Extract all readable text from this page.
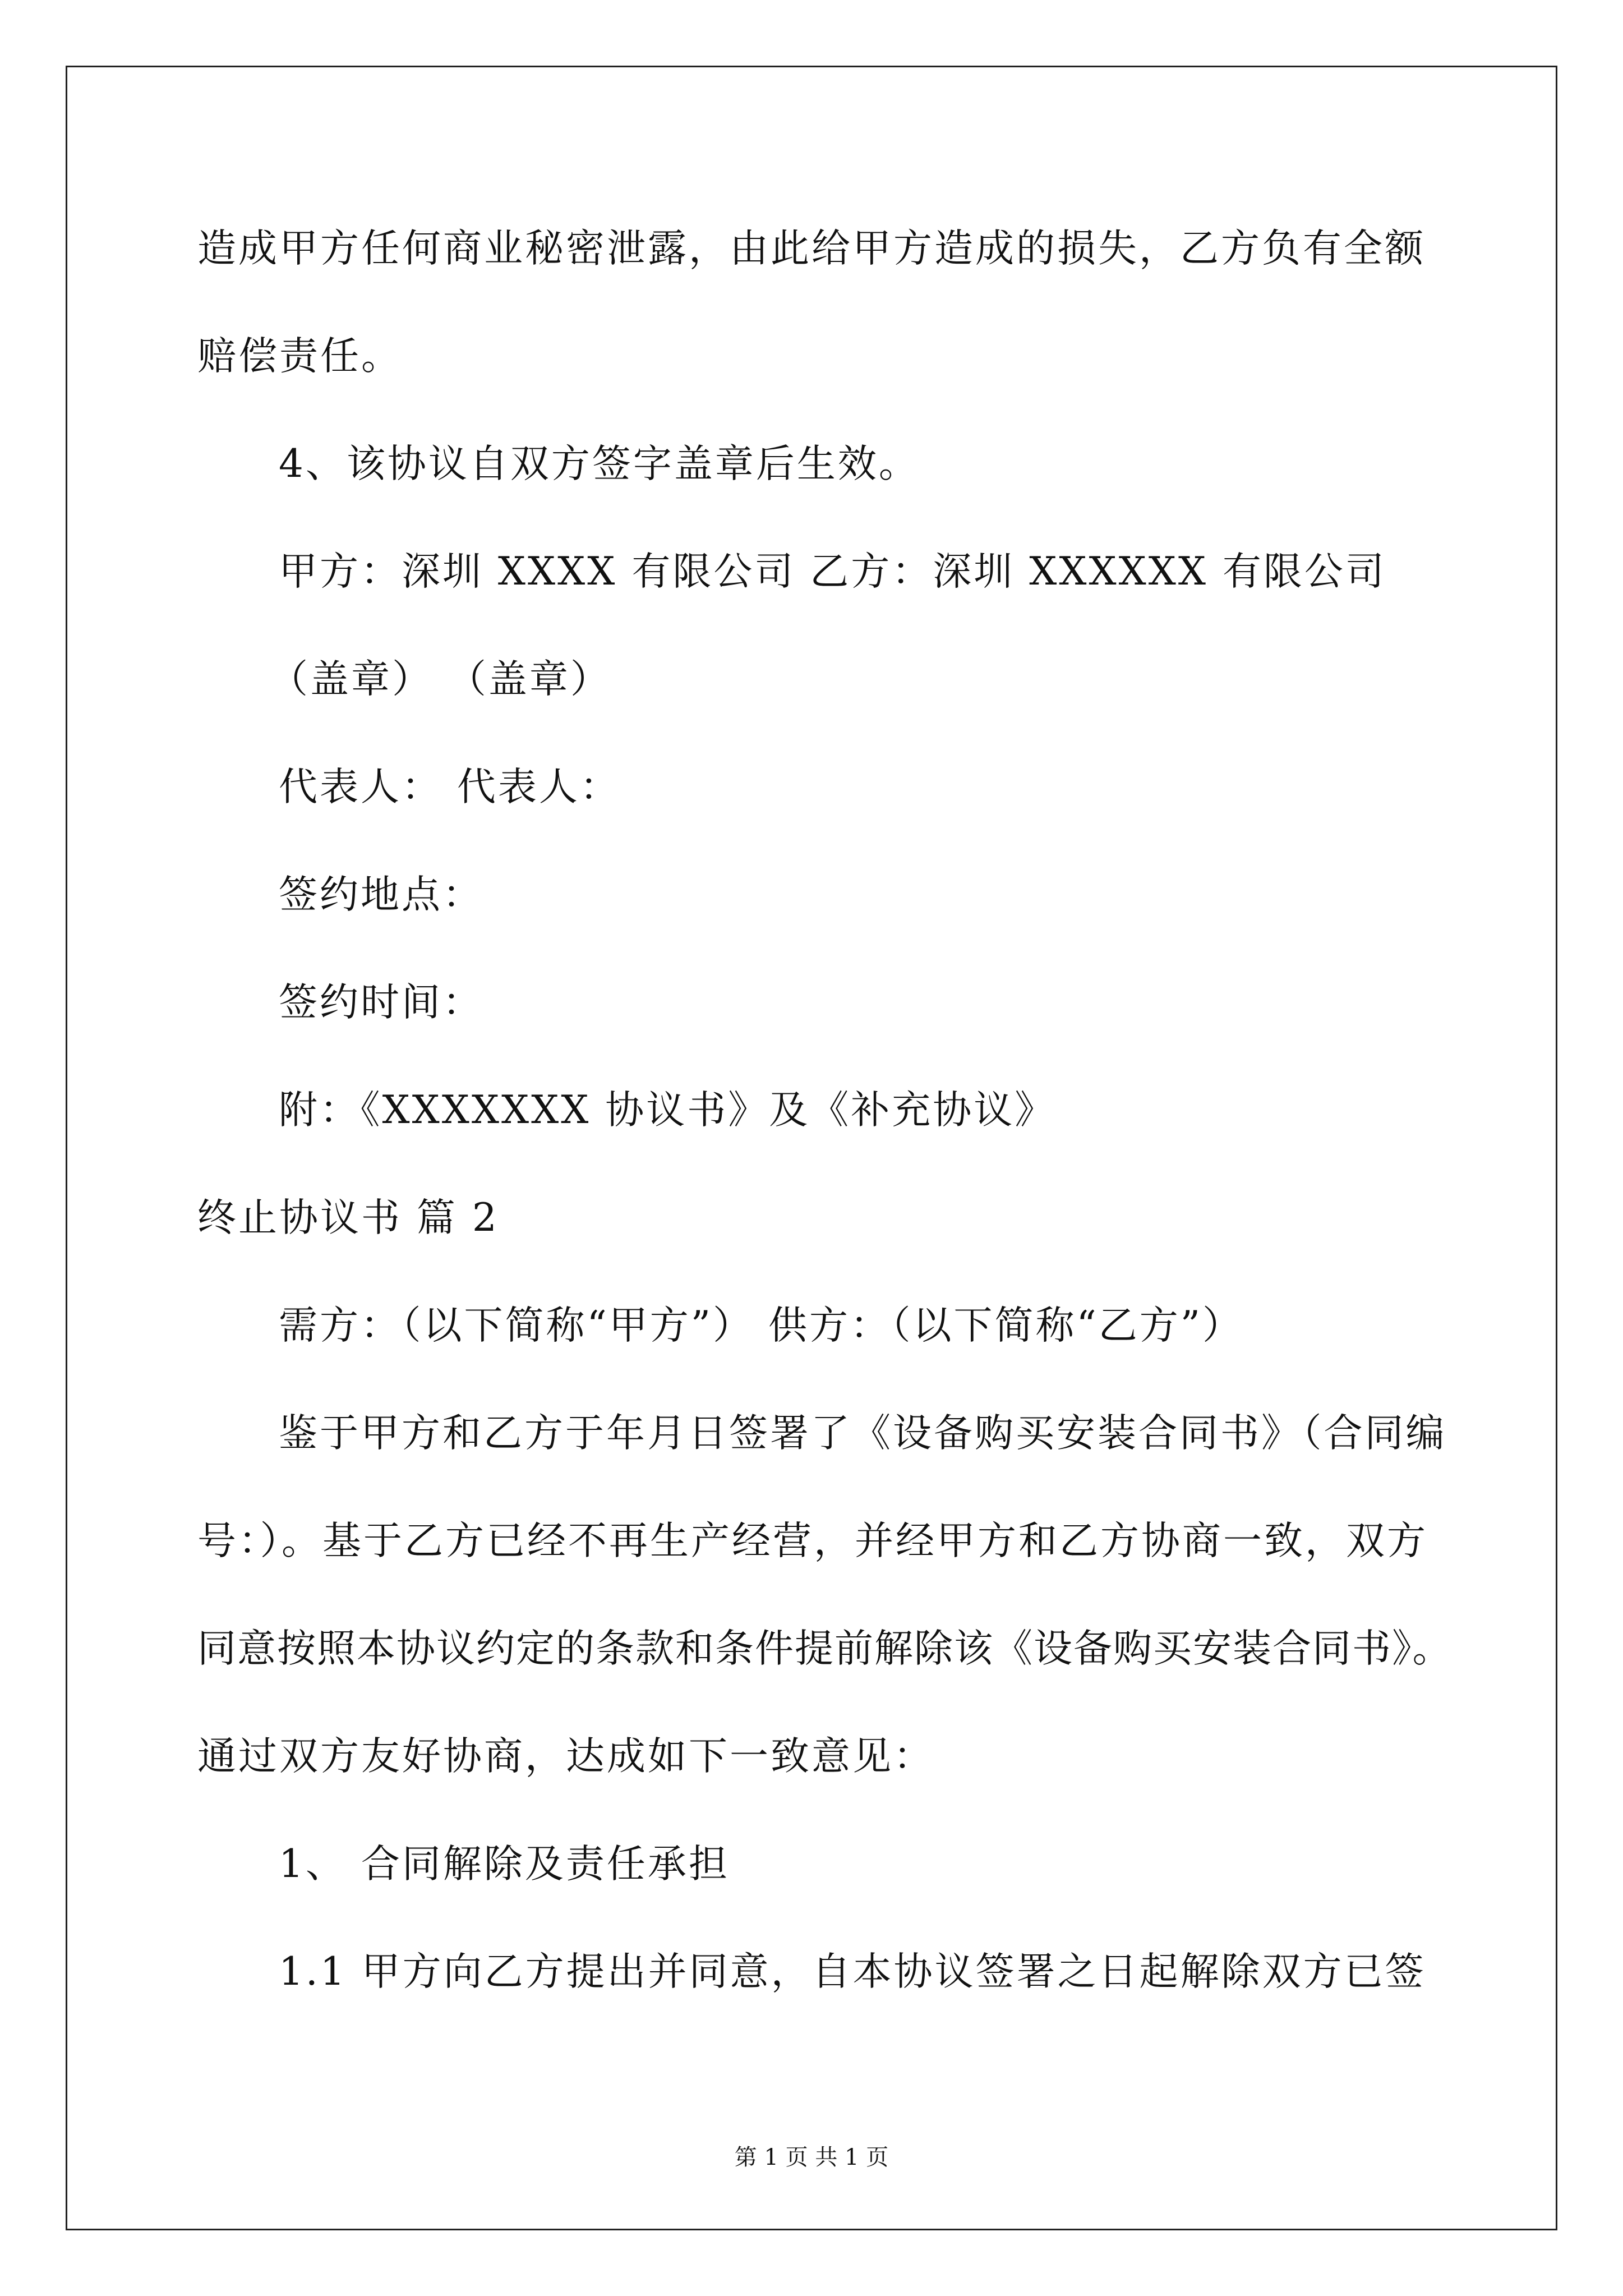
造成甲方任何商业秘密泄露，由此给甲方造成的损失，乙方负有全额
赔偿责任。
4、该协议自双方签字盖章后生效。
甲方：深圳 XXXX 有限公司 乙方：深圳 XXXXXX 有限公司
（盖章） （盖章）
代表人： 代表人：
签约地点：
签约时间：
附：《XXXXXXX 协议书》及《补充协议》
终止协议书 篇 2
需方：（以下简称“甲方”） 供方：（以下简称“乙方”）
鉴于甲方和乙方于年月日签署了《设备购买安装合同书》（合同编
号：）。基于乙方已经不再生产经营，并经甲方和乙方协商一致，双方
同意按照本协议约定的条款和条件提前解除该《设备购买安装合同书》。
通过双方友好协商，达成如下一致意见：
1、 合同解除及责任承担
1.1 甲方向乙方提出并同意，自本协议签署之日起解除双方已签
第 1 页 共 1 页
